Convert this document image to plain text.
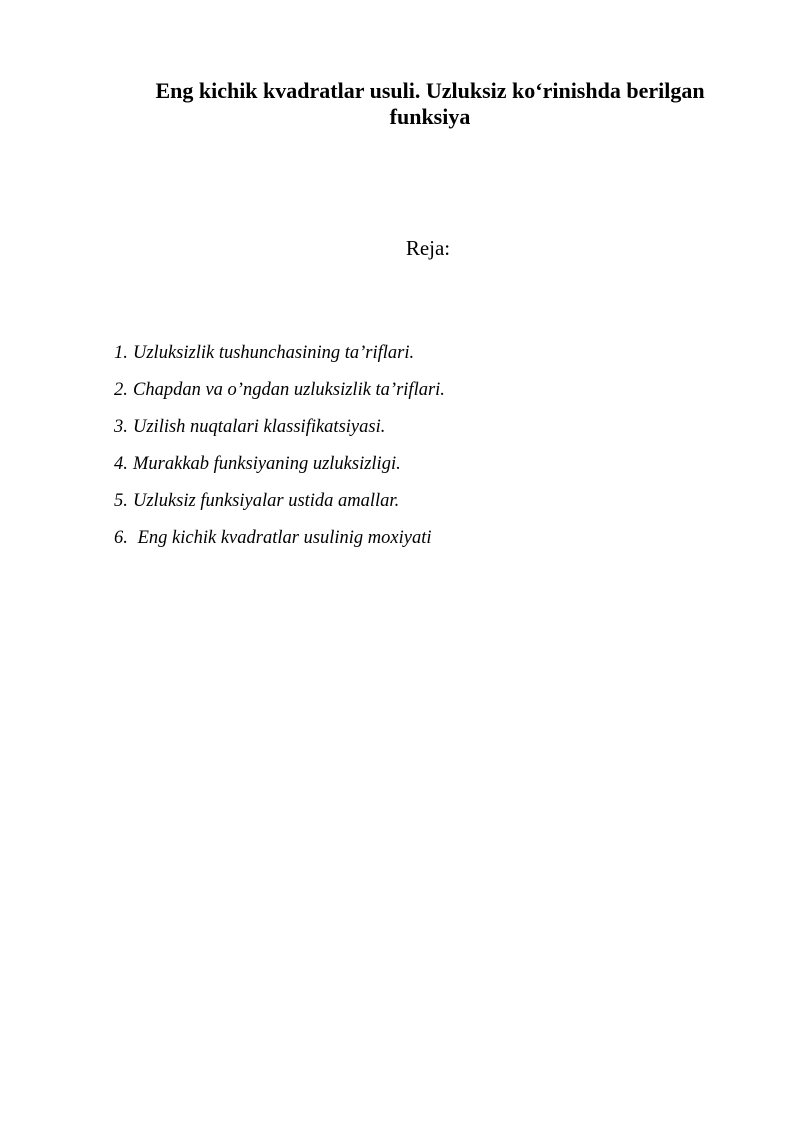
Eng kichik kvadratlar usuli. Uzluksiz ko‘rinishda berilgan
funksiya
Reja:
1. Uzluksizlik tushunchasining ta’riflari.
2. Chapdan va o’ngdan uzluksizlik ta’riflari.
3. Uzilish nuqtalari klassifikatsiyasi.
4. Murakkab funksiyaning uzluksizligi.
5. Uzluksiz funksiyalar ustida amallar.
6. Eng kichik kvadratlar usulinig moxiyati
